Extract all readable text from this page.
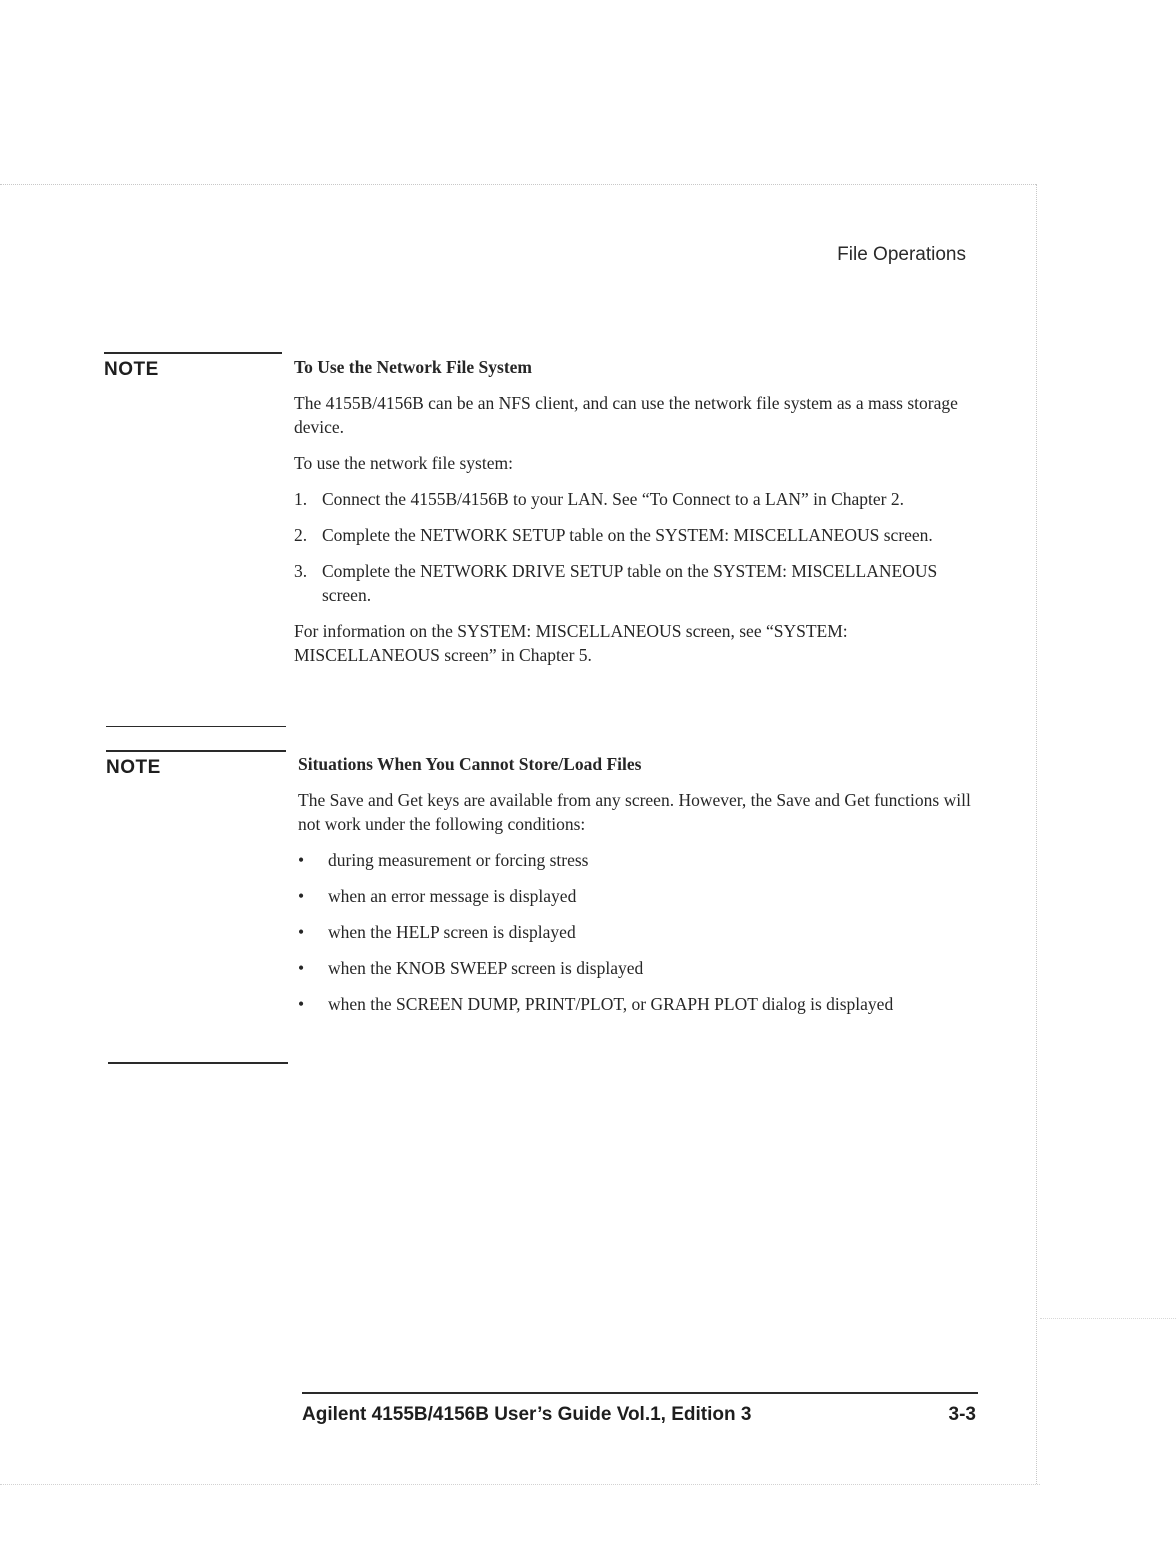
File Operations
NOTE	To Use the Network File System

The 4155B/4156B can be an NFS client, and can use the network file system as a mass storage device.

To use the network file system:

1. Connect the 4155B/4156B to your LAN. See “To Connect to a LAN” in Chapter 2.
2. Complete the NETWORK SETUP table on the SYSTEM: MISCELLANEOUS screen.
3. Complete the NETWORK DRIVE SETUP table on the SYSTEM: MISCELLANEOUS screen.

For information on the SYSTEM: MISCELLANEOUS screen, see “SYSTEM: MISCELLANEOUS screen” in Chapter 5.

NOTE	Situations When You Cannot Store/Load Files

The Save and Get keys are available from any screen. However, the Save and Get functions will not work under the following conditions:

• during measurement or forcing stress
• when an error message is displayed
• when the HELP screen is displayed
• when the KNOB SWEEP screen is displayed
• when the SCREEN DUMP, PRINT/PLOT, or GRAPH PLOT dialog is displayed
Agilent 4155B/4156B User’s Guide Vol.1, Edition 3	3-3
